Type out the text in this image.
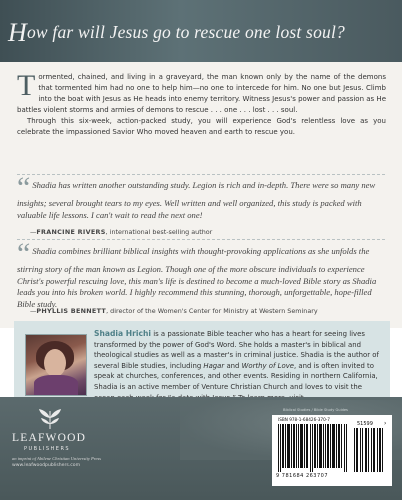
How far will Jesus go to rescue one lost soul?

Tormented, chained, and living in a graveyard, the man known only by the name of the demons that tormented him had no one to help him—no one to intercede for him. No one but Jesus. Climb into the boat with Jesus as He heads into enemy territory. Witness Jesus's power and passion as He battles violent storms and armies of demons to rescue . . . one . . . lost . . . soul.

Through this six-week, action-packed study, you will experience God's relentless love as you celebrate the impassioned Savior Who moved heaven and earth to rescue you.

“ Shadia has written another outstanding study. Legion is rich and in-depth. There were so many new insights; several brought tears to my eyes. Well written and well organized, this study is packed with valuable life lessons. I can't wait to read the next one!
—FRANCINE RIVERS, international best-selling author
“ Shadia combines brilliant biblical insights with thought-provoking applications as she unfolds the stirring story of the man known as Legion. Though one of the more obscure individuals to experience Christ's powerful rescuing love, this man's life is destined to become a much-loved Bible story as Shadia leads you into his broken world. I highly recommend this stunning, thorough, unforgettable, hope-filled Bible study.
—PHYLLIS BENNETT, director of the Women's Center for Ministry at Western Seminary
Shadia Hrichi is a passionate Bible teacher who has a heart for seeing lives transformed by the power of God's Word. She holds a master's in biblical and theological studies as well as a master's in criminal justice. Shadia is the author of several Bible studies, including Hagar and Worthy of Love, and is often invited to speak at churches, conferences, and other events. Residing in northern California, Shadia is an active member of Venture Christian Church and loves to visit the
LEAFWOOD
PUBLISHERS
an imprint of Abilene Christian University Press
www.leafwoodpublishers.com
Biblical Studies / Bible Study Guides
ISBN 978-1-68426-370-7
51599 ›
9 781684 263707
